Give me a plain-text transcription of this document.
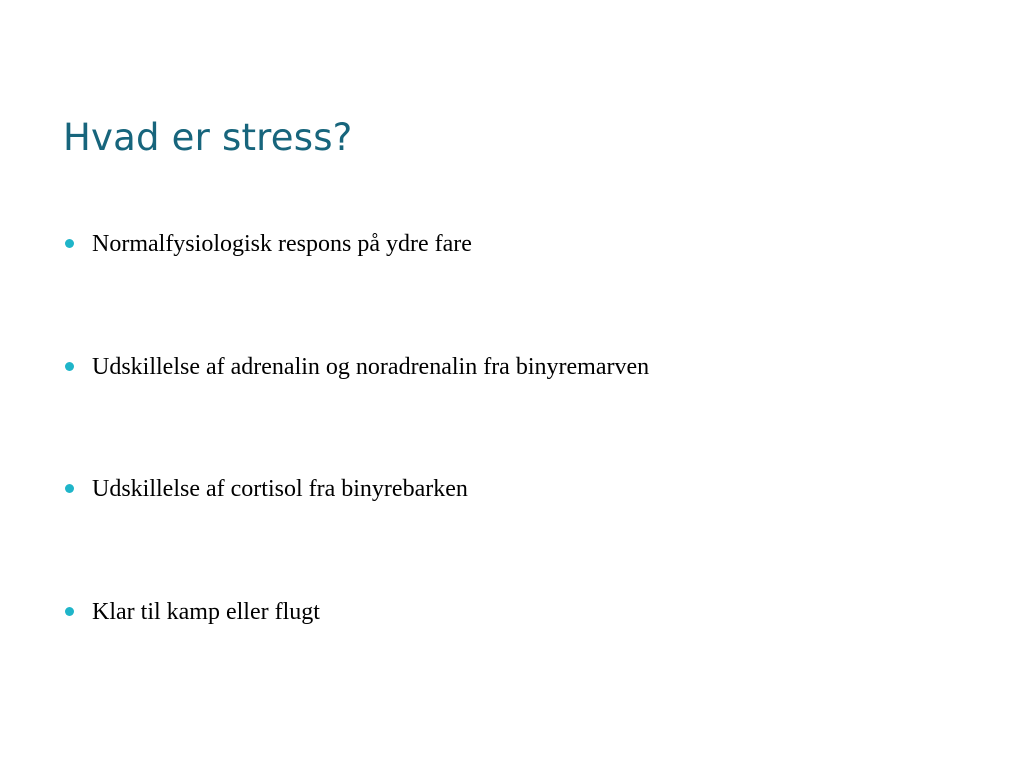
Hvad er stress?
Normalfysiologisk respons på ydre fare
Udskillelse af adrenalin og noradrenalin fra binyremarven
Udskillelse af cortisol fra binyrebarken
Klar til kamp eller flugt
